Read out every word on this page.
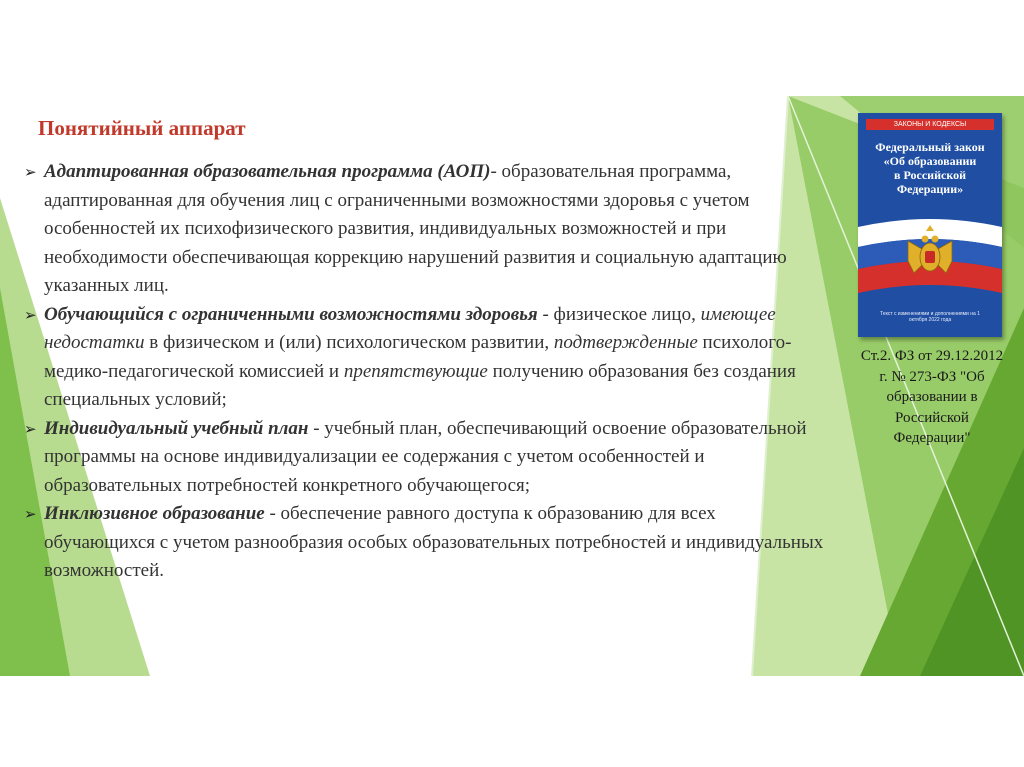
Понятийный аппарат
➢ Адаптированная образовательная программа (АОП)- образовательная программа, адаптированная для обучения лиц с ограниченными возможностями здоровья с учетом особенностей их психофизического развития, индивидуальных возможностей и при необходимости обеспечивающая коррекцию нарушений развития и социальную адаптацию указанных лиц.
➢ Обучающийся с ограниченными возможностями здоровья - физическое лицо, имеющее недостатки в физическом и (или) психологическом развитии, подтвержденные психолого-медико-педагогической комиссией и препятствующие получению образования без создания специальных условий;
➢ Индивидуальный учебный план - учебный план, обеспечивающий освоение образовательной программы на основе индивидуализации ее содержания с учетом особенностей и образовательных потребностей конкретного обучающегося;
➢ Инклюзивное образование - обеспечение равного доступа к образованию для всех обучающихся с учетом разнообразия особых образовательных потребностей и индивидуальных возможностей.
ЗАКОНЫ И КОДЕКСЫ
Федеральный закон
«Об образовании
в Российской
Федерации»
Текст с изменениями и дополнениями на 1 октября 2022 года
Ст.2. ФЗ от 29.12.2012 г. № 273-ФЗ "Об образовании в Российской Федерации"
